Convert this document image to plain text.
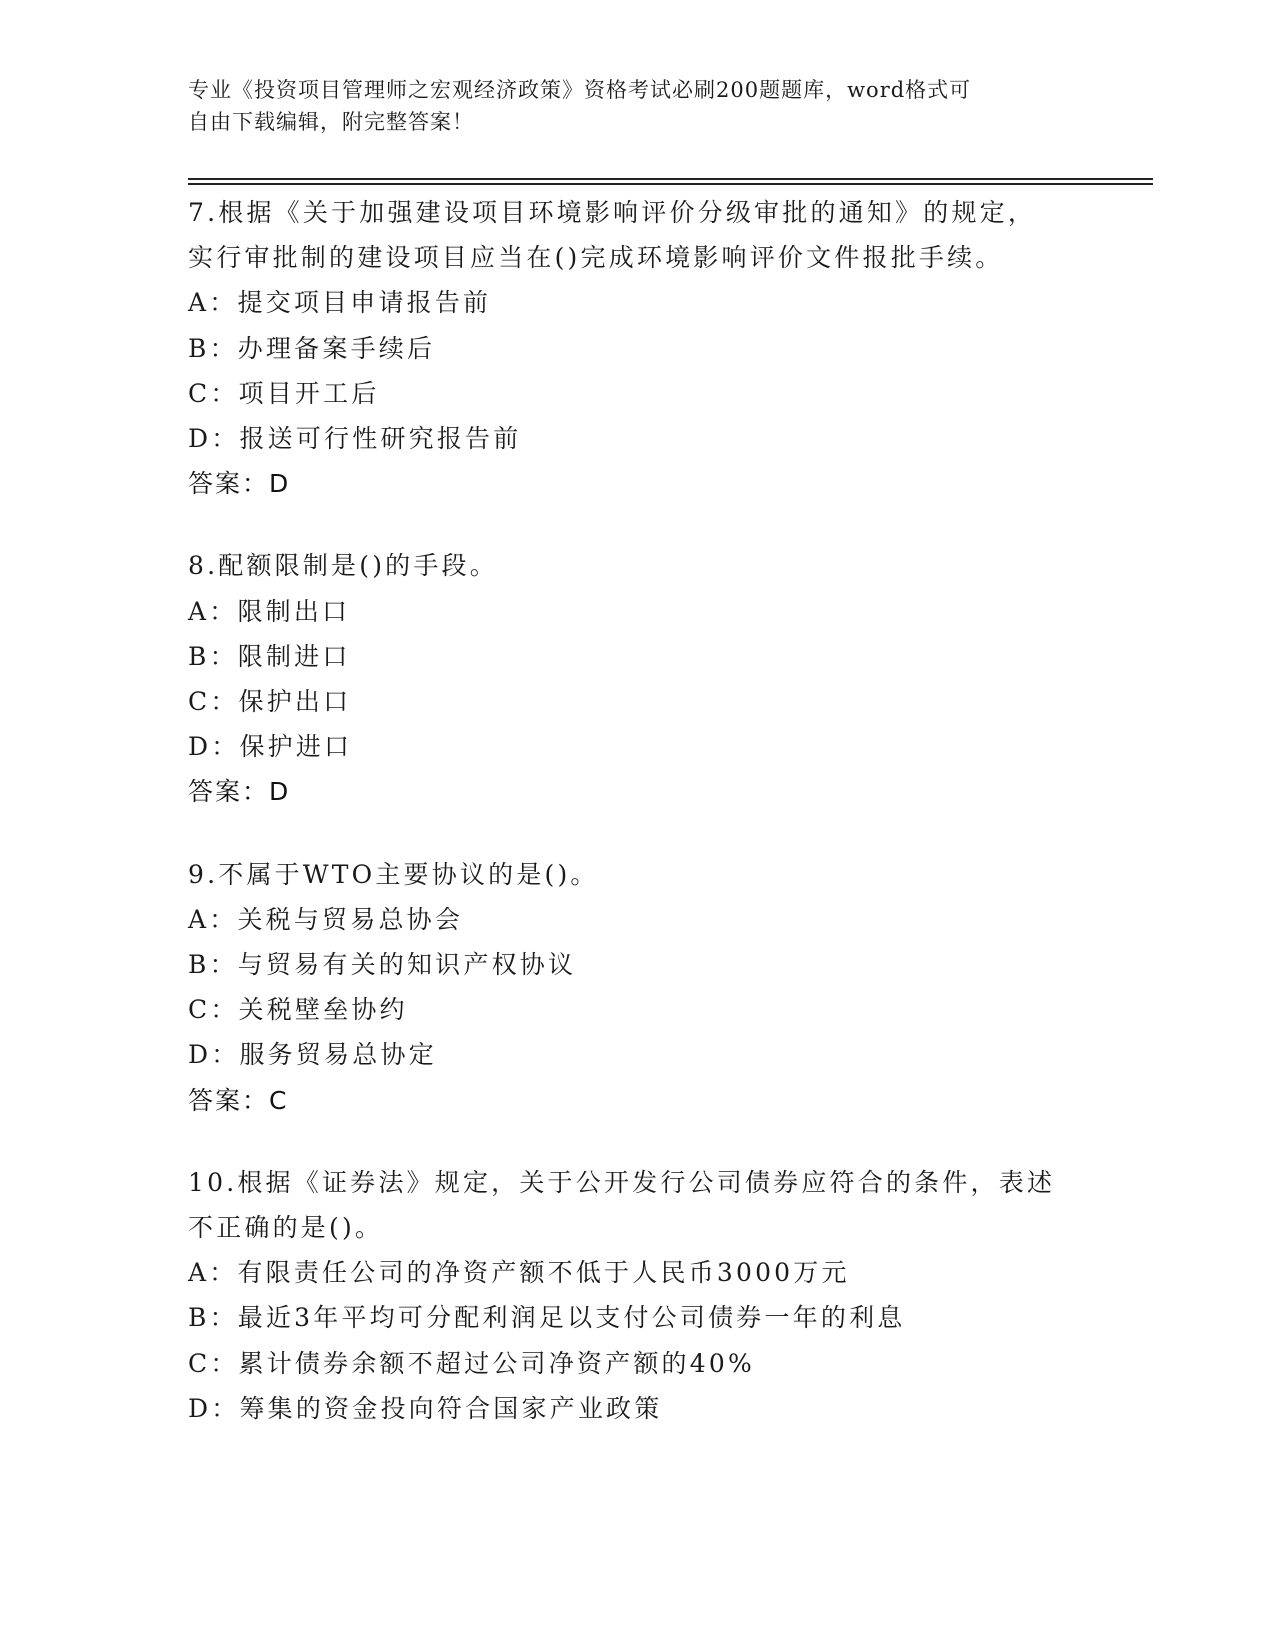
专业《投资项目管理师之宏观经济政策》资格考试必刷200题题库，word格式可

自由下载编辑，附完整答案！

7.根据《关于加强建设项目环境影响评价分级审批的通知》的规定，
实行审批制的建设项目应当在()完成环境影响评价文件报批手续。
A：提交项目申请报告前
B：办理备案手续后
C：项目开工后
D：报送可行性研究报告前
答案：D
8.配额限制是()的手段。
A：限制出口
B：限制进口
C：保护出口
D：保护进口
答案：D
9.不属于WTO主要协议的是()。
A：关税与贸易总协会
B：与贸易有关的知识产权协议
C：关税壁垒协约
D：服务贸易总协定
答案：C
10.根据《证券法》规定，关于公开发行公司债券应符合的条件，表述
不正确的是()。
A：有限责任公司的净资产额不低于人民币3000万元
B：最近3年平均可分配利润足以支付公司债券一年的利息
C：累计债券余额不超过公司净资产额的40%
D：筹集的资金投向符合国家产业政策
